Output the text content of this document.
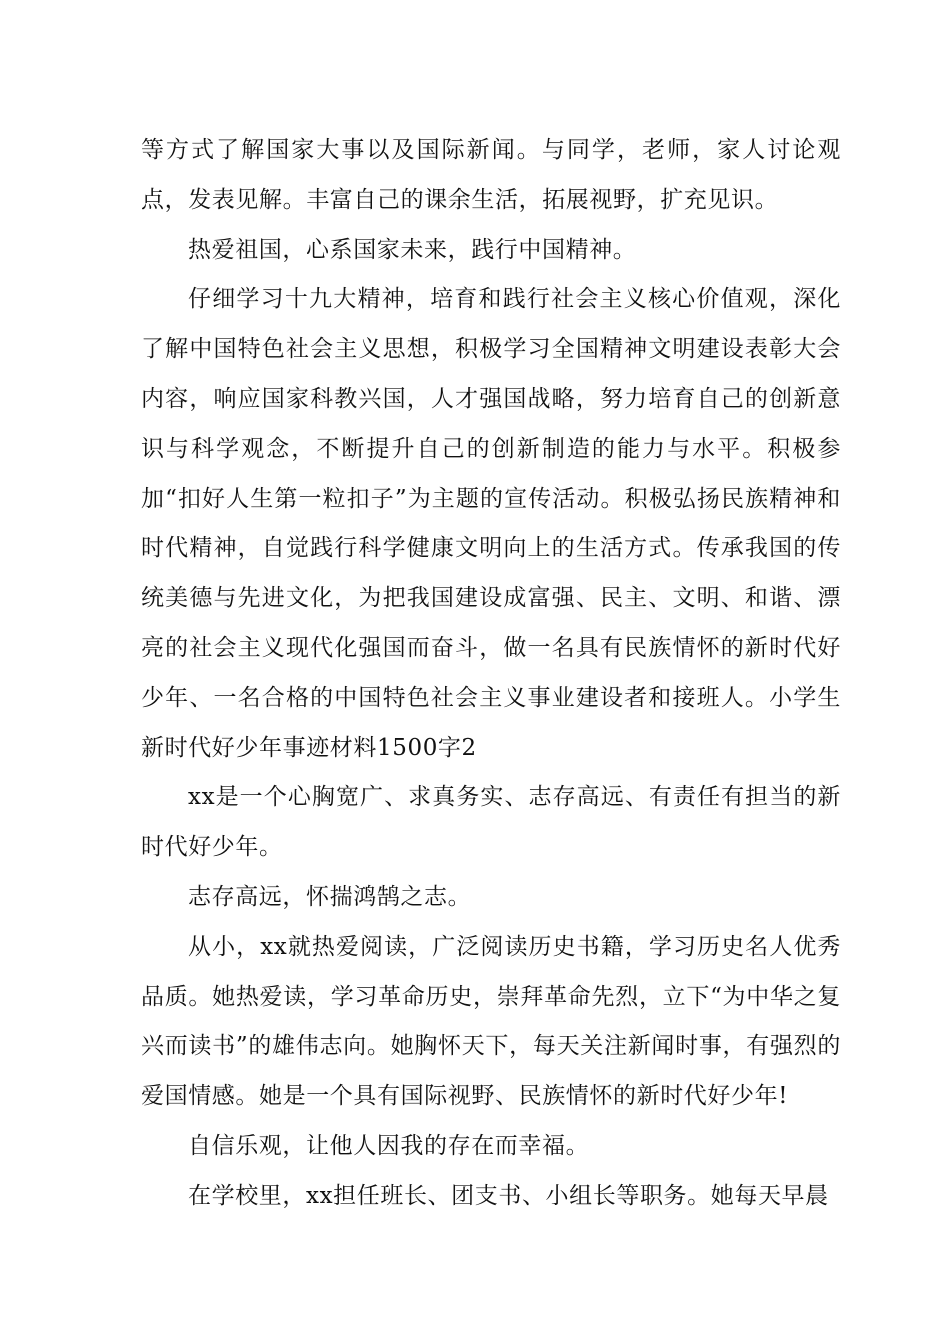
等方式了解国家大事以及国际新闻。与同学，老师，家人讨论观点，发表见解。丰富自己的课余生活，拓展视野，扩充见识。

热爱祖国，心系国家未来，践行中国精神。

仔细学习十九大精神，培育和践行社会主义核心价值观，深化了解中国特色社会主义思想，积极学习全国精神文明建设表彰大会内容，响应国家科教兴国，人才强国战略，努力培育自己的创新意识与科学观念，不断提升自己的创新制造的能力与水平。积极参加“扣好人生第一粒扣子”为主题的宣传活动。积极弘扬民族精神和时代精神，自觉践行科学健康文明向上的生活方式。传承我国的传统美德与先进文化，为把我国建设成富强、民主、文明、和谐、漂亮的社会主义现代化强国而奋斗，做一名具有民族情怀的新时代好少年、一名合格的中国特色社会主义事业建设者和接班人。小学生新时代好少年事迹材料1500字2

xx是一个心胸宽广、求真务实、志存高远、有责任有担当的新时代好少年。

志存高远，怀揣鸿鹄之志。

从小，xx就热爱阅读，广泛阅读历史书籍，学习历史名人优秀品质。她热爱读，学习革命历史，崇拜革命先烈，立下“为中华之复兴而读书”的雄伟志向。她胸怀天下，每天关注新闻时事，有强烈的爱国情感。她是一个具有国际视野、民族情怀的新时代好少年!

自信乐观，让他人因我的存在而幸福。

在学校里，xx担任班长、团支书、小组长等职务。她每天早晨
